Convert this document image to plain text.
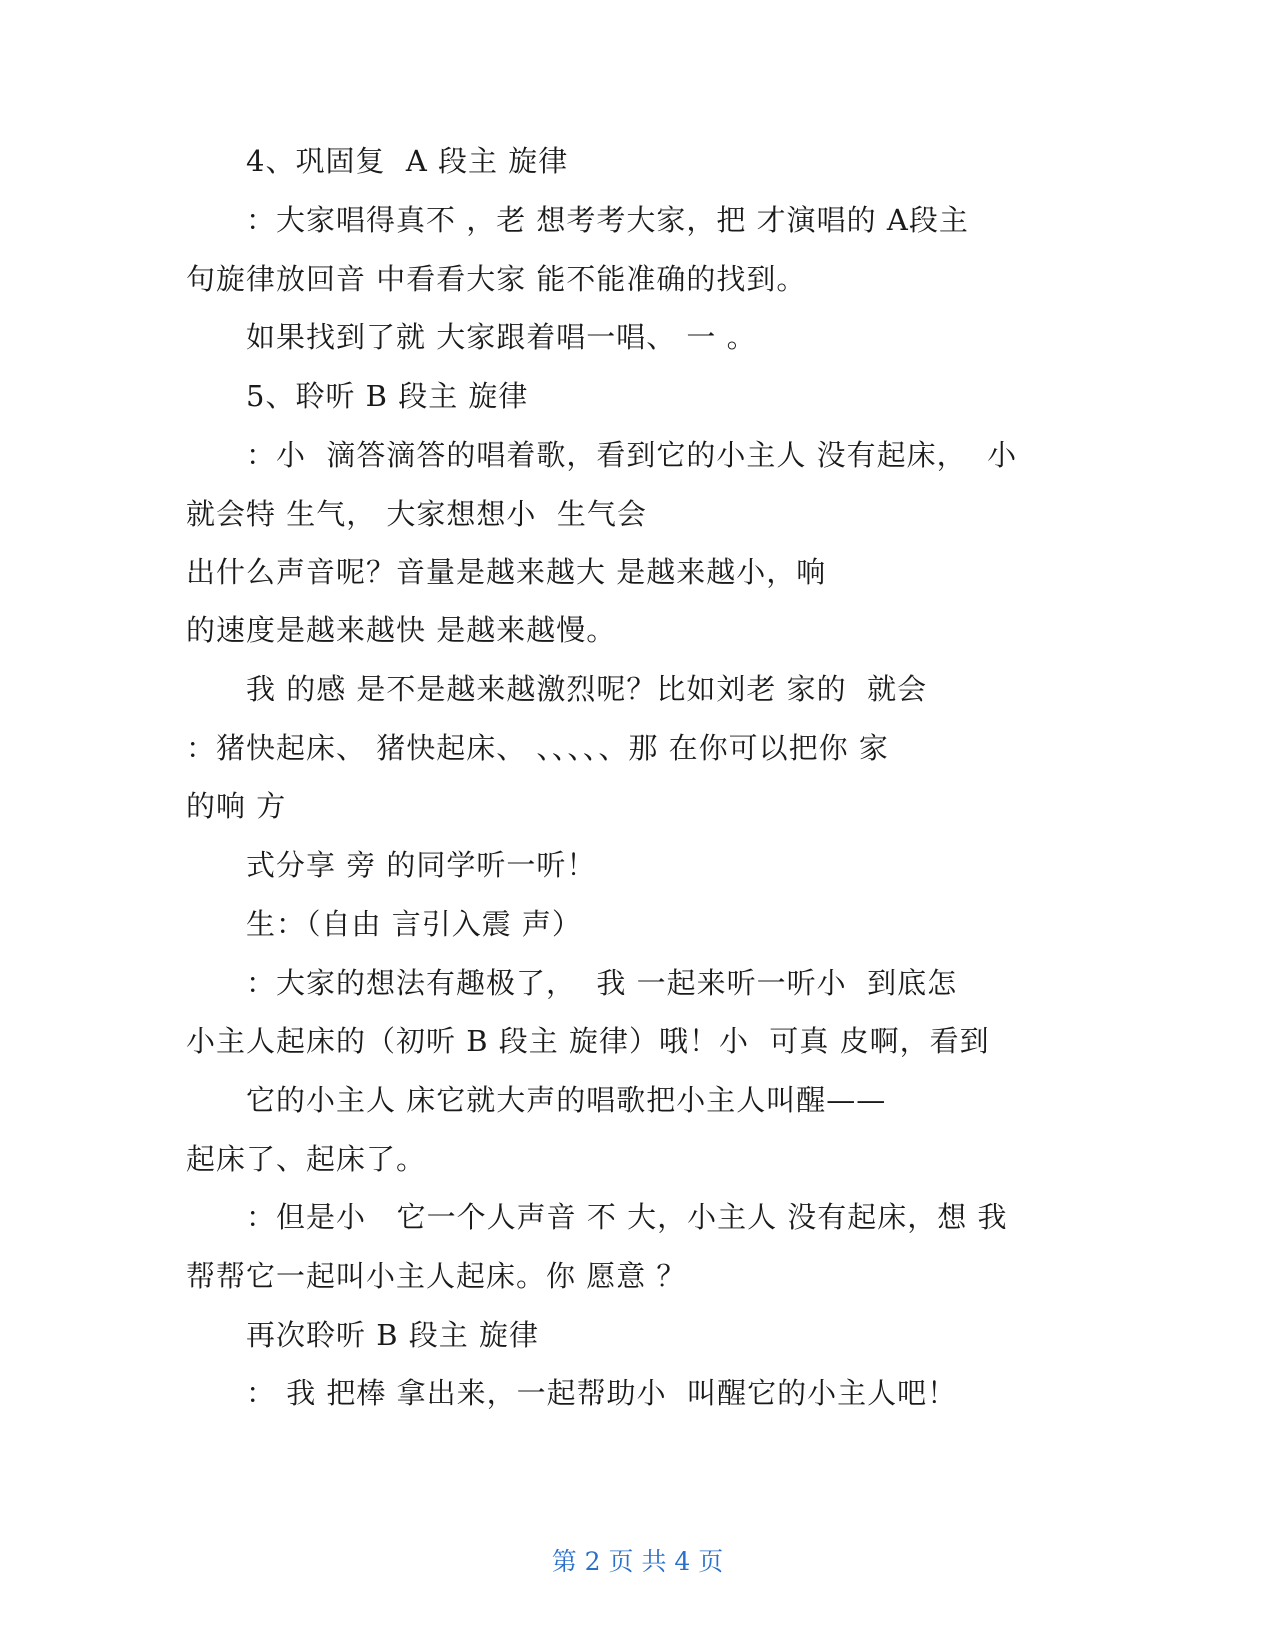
4、巩固复  A 段主 旋律
：大家唱得真不 ，老 想考考大家，把 才演唱的 A段主
句旋律放回音 中看看大家 能不能准确的找到。
如果找到了就 大家跟着唱一唱、 一 。
5、聆听 B 段主 旋律
：小  滴答滴答的唱着歌，看到它的小主人 没有起床，  小
就会特 生气， 大家想想小  生气会
出什么声音呢？音量是越来越大 是越来越小，响
的速度是越来越快 是越来越慢。
我 的感 是不是越来越激烈呢？比如刘老 家的  就会
：猪快起床、 猪快起床、 、、、、、那 在你可以把你 家
的响 方
式分享 旁 的同学听一听！
生：（自由 言引入震 声）
：大家的想法有趣极了，  我 一起来听一听小  到底怎
小主人起床的（初听 B 段主 旋律）哦！小  可真 皮啊，看到
它的小主人 床它就大声的唱歌把小主人叫醒——
起床了、起床了。
：但是小   它一个人声音 不 大，小主人 没有起床，想 我
帮帮它一起叫小主人起床。你 愿意 ？
再次聆听 B 段主 旋律
： 我 把棒 拿出来，一起帮助小  叫醒它的小主人吧！
第 2 页 共 4 页
